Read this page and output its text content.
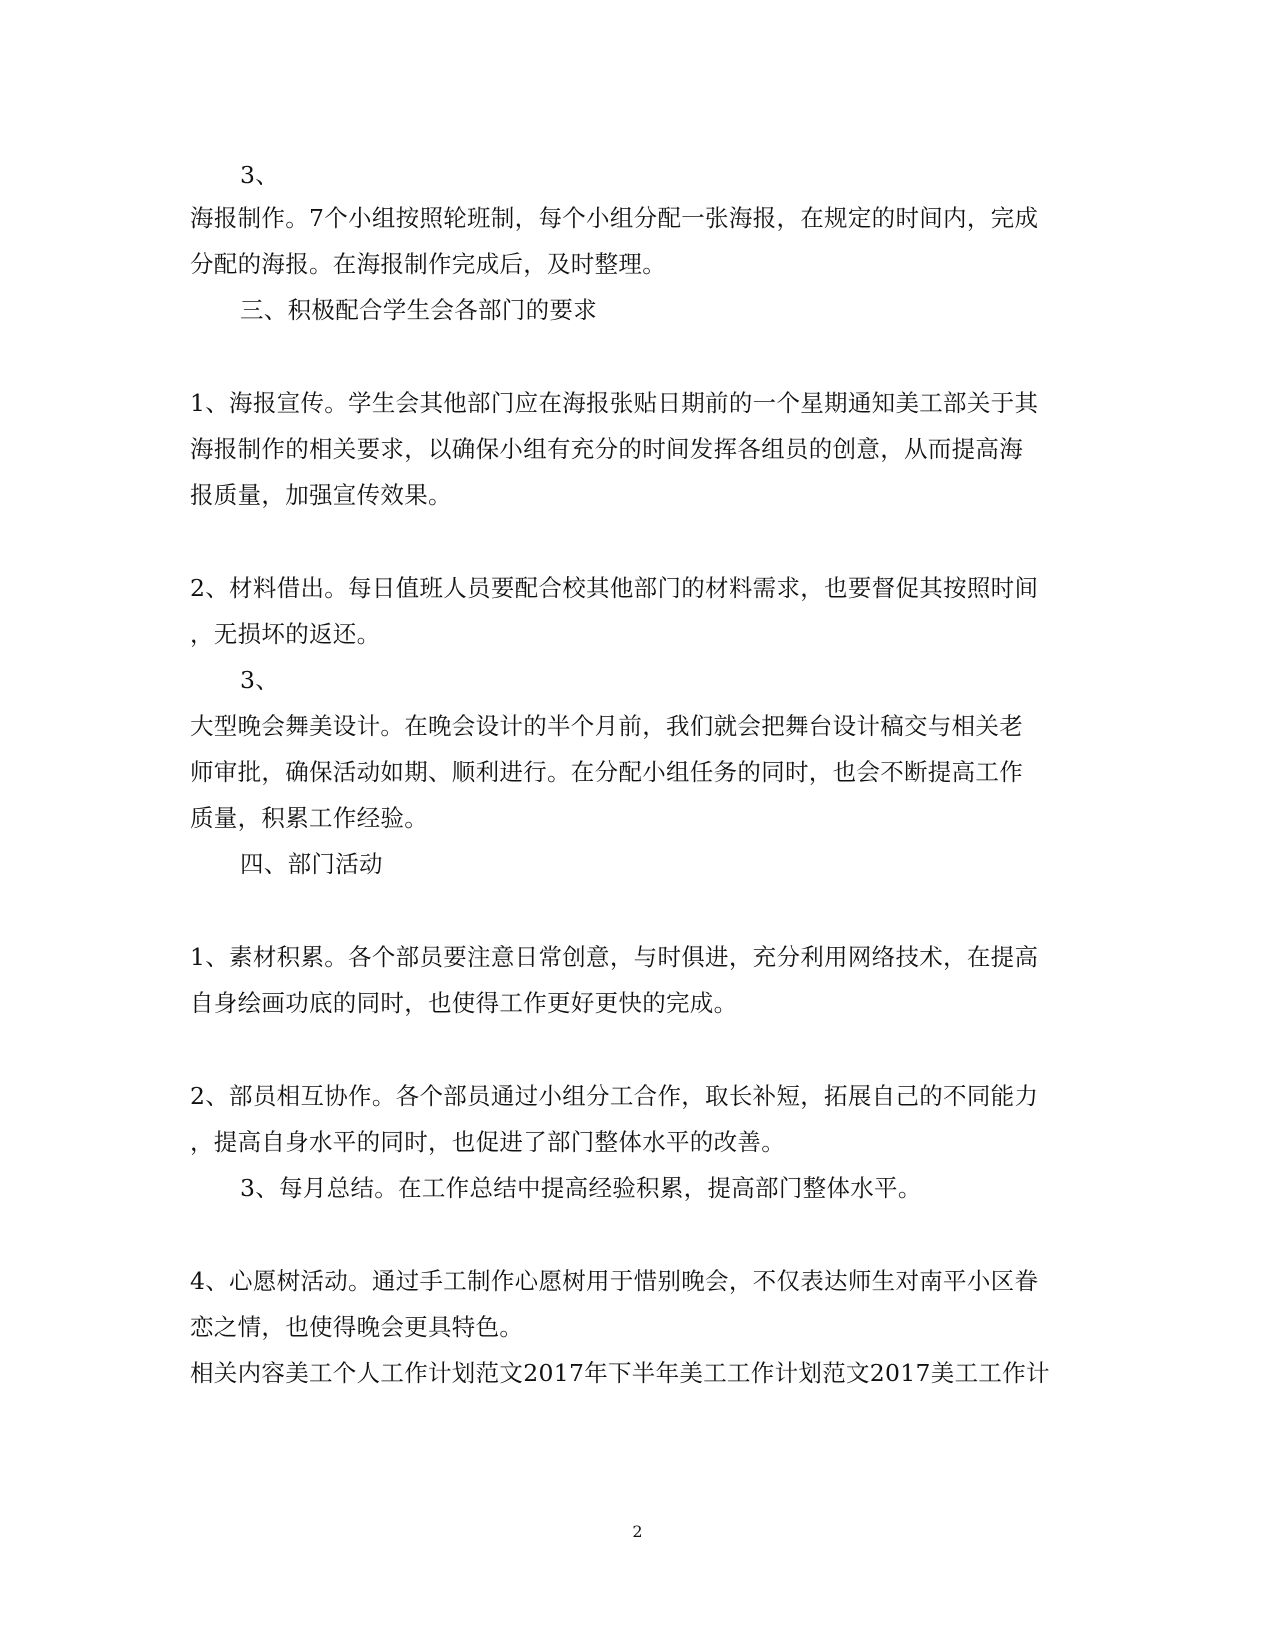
3、
海报制作。7个小组按照轮班制，每个小组分配一张海报，在规定的时间内，完成
分配的海报。在海报制作完成后，及时整理。
三、积极配合学生会各部门的要求
1、海报宣传。学生会其他部门应在海报张贴日期前的一个星期通知美工部关于其
海报制作的相关要求，以确保小组有充分的时间发挥各组员的创意，从而提高海
报质量，加强宣传效果。
2、材料借出。每日值班人员要配合校其他部门的材料需求，也要督促其按照时间
，无损坏的返还。
3、
大型晚会舞美设计。在晚会设计的半个月前，我们就会把舞台设计稿交与相关老
师审批，确保活动如期、顺利进行。在分配小组任务的同时，也会不断提高工作
质量，积累工作经验。
四、部门活动
1、素材积累。各个部员要注意日常创意，与时俱进，充分利用网络技术，在提高
自身绘画功底的同时，也使得工作更好更快的完成。
2、部员相互协作。各个部员通过小组分工合作，取长补短，拓展自己的不同能力
，提高自身水平的同时，也促进了部门整体水平的改善。
3、每月总结。在工作总结中提高经验积累，提高部门整体水平。
4、心愿树活动。通过手工制作心愿树用于惜别晚会，不仅表达师生对南平小区眷
恋之情，也使得晚会更具特色。
相关内容美工个人工作计划范文2017年下半年美工工作计划范文2017美工工作计
2
